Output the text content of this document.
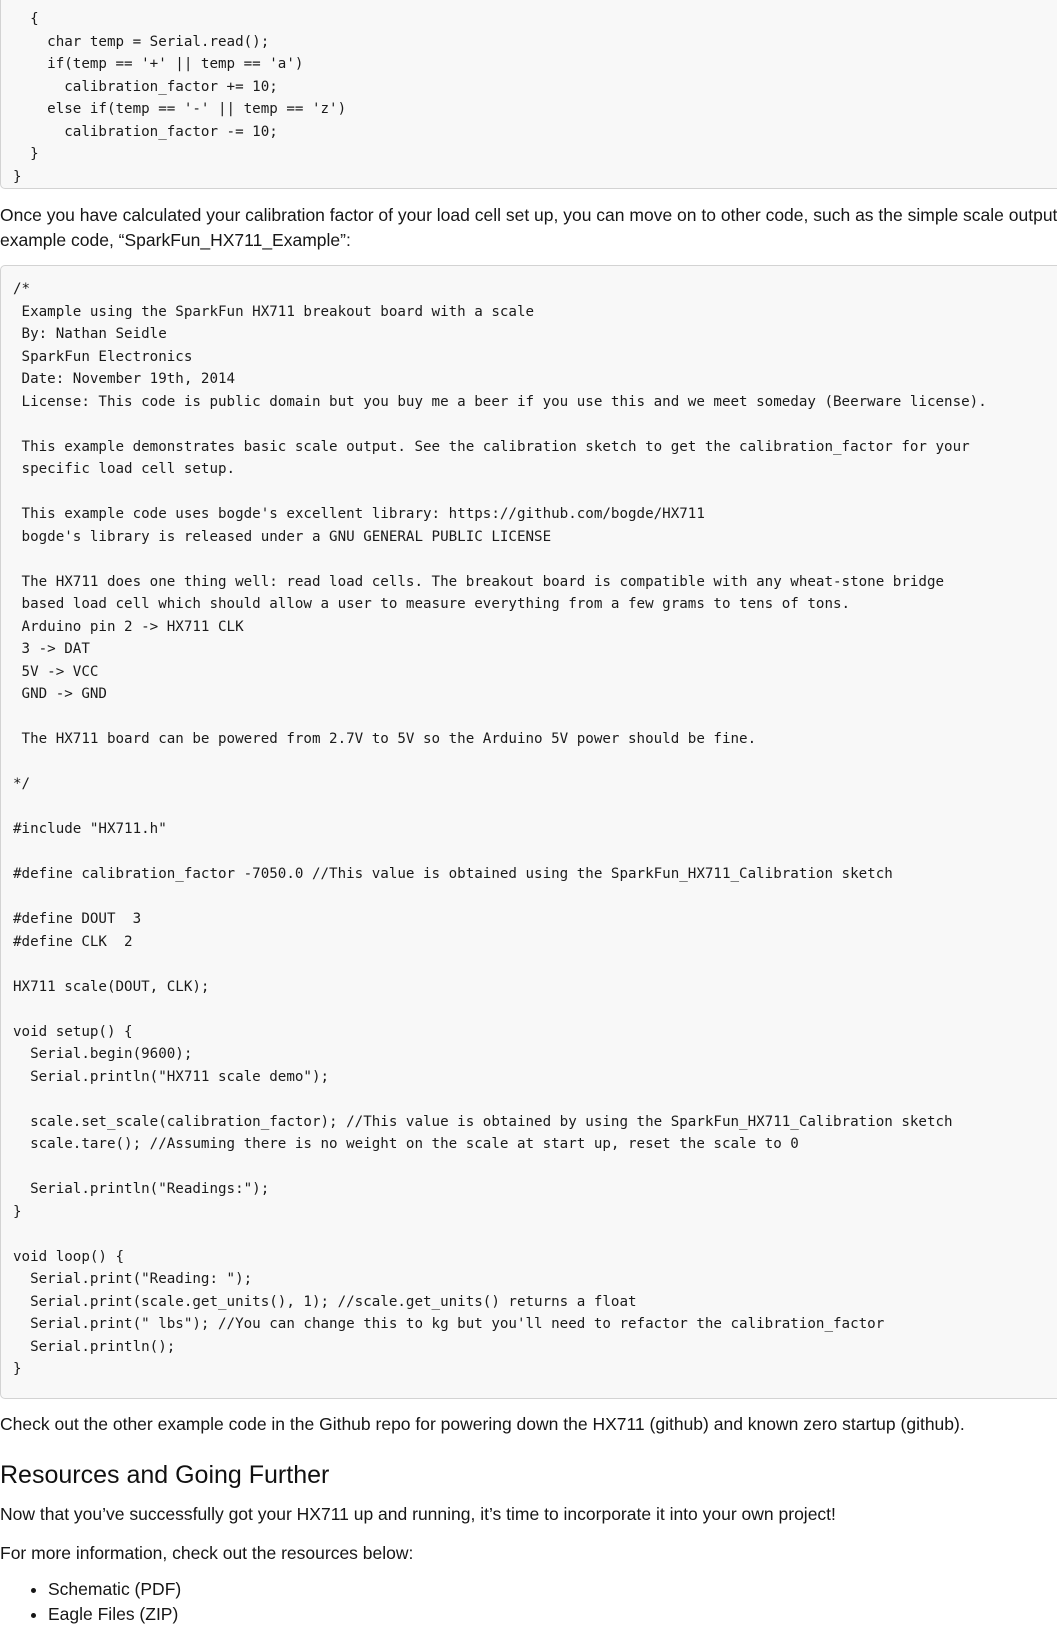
{
char temp = Serial.read();
if(temp == '+' || temp == 'a')
calibration_factor += 10;
else if(temp == '-' || temp == 'z')
calibration_factor -= 10;
}
}

Once you have calculated your calibration factor of your load cell set up, you can move on to other code, such as the simple scale output
example code, “SparkFun_HX711_Example”:

/*
Example using the SparkFun HX711 breakout board with a scale
By: Nathan Seidle
SparkFun Electronics
Date: November 19th, 2014
License: This code is public domain but you buy me a beer if you use this and we meet someday (Beerware license).

This example demonstrates basic scale output. See the calibration sketch to get the calibration_factor for your
specific load cell setup.

This example code uses bogde's excellent library: https://github.com/bogde/HX711
bogde's library is released under a GNU GENERAL PUBLIC LICENSE

The HX711 does one thing well: read load cells. The breakout board is compatible with any wheat-stone bridge
based load cell which should allow a user to measure everything from a few grams to tens of tons.
Arduino pin 2 -> HX711 CLK
3 -> DAT
5V -> VCC
GND -> GND

The HX711 board can be powered from 2.7V to 5V so the Arduino 5V power should be fine.

*/

#include "HX711.h"

#define calibration_factor -7050.0 //This value is obtained using the SparkFun_HX711_Calibration sketch

#define DOUT  3
#define CLK  2

HX711 scale(DOUT, CLK);

void setup() {
Serial.begin(9600);
Serial.println("HX711 scale demo");

scale.set_scale(calibration_factor); //This value is obtained by using the SparkFun_HX711_Calibration sketch
scale.tare(); //Assuming there is no weight on the scale at start up, reset the scale to 0

Serial.println("Readings:");
}

void loop() {
Serial.print("Reading: ");
Serial.print(scale.get_units(), 1); //scale.get_units() returns a float
Serial.print(" lbs"); //You can change this to kg but you'll need to refactor the calibration_factor
Serial.println();
}

Check out the other example code in the Github repo for powering down the HX711 (github) and known zero startup (github).

Resources and Going Further

Now that you’ve successfully got your HX711 up and running, it’s time to incorporate it into your own project!

For more information, check out the resources below:

• Schematic (PDF)
• Eagle Files (ZIP)
